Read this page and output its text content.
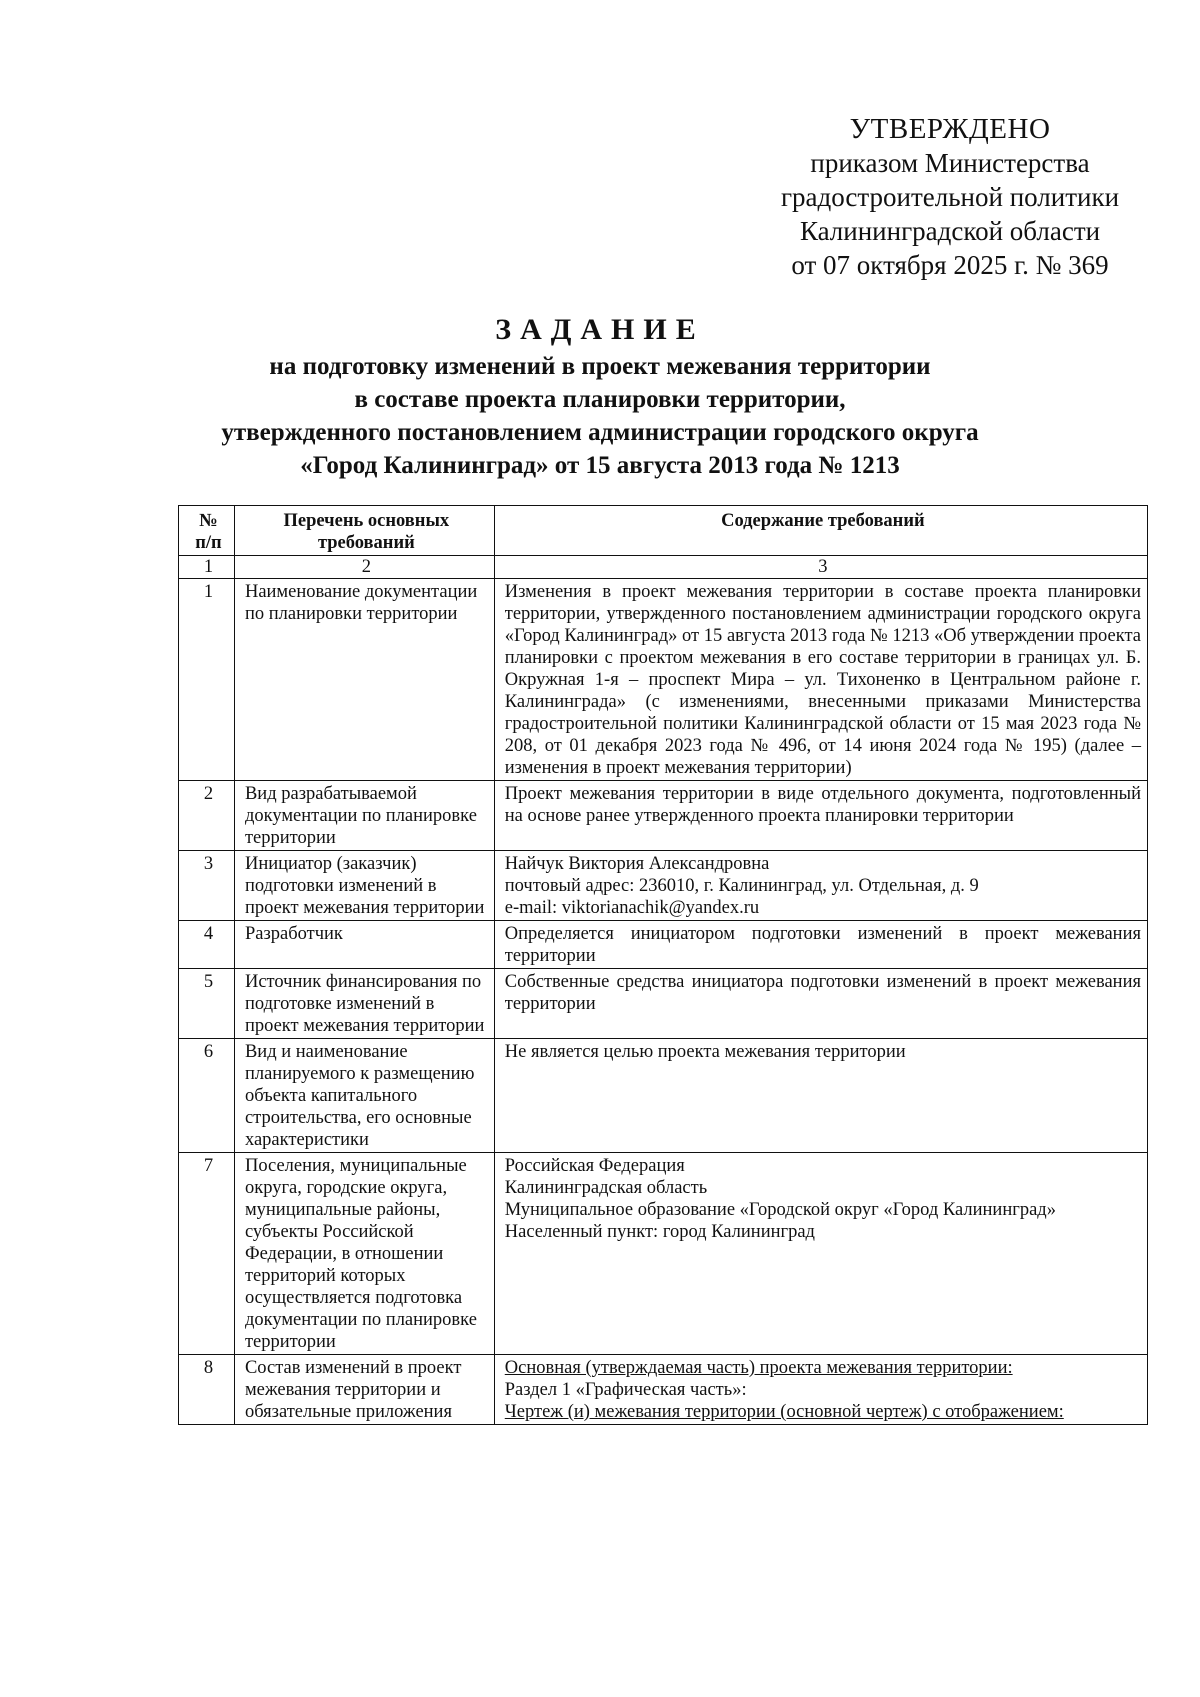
УТВЕРЖДЕНО
приказом Министерства
градостроительной политики
Калининградской области
от 07 октября 2025 г. № 369
ЗАДАНИЕ
на подготовку изменений в проект межевания территории
в составе проекта планировки территории,
утвержденного постановлением администрации городского округа
«Город Калининград» от 15 августа 2013 года № 1213
№ п/п	Перечень основных требований	Содержание требований
1	2	3
1	Наименование документации по планировки территории	Изменения в проект межевания территории в составе проекта планировки территории, утвержденного постановлением администрации городского округа «Город Калининград» от 15 августа 2013 года № 1213 «Об утверждении проекта планировки с проектом межевания в его составе территории в границах ул. Б. Окружная 1-я – проспект Мира – ул. Тихоненко в Центральном районе г. Калининграда» (с изменениями, внесенными приказами Министерства градостроительной политики Калининградской области от 15 мая 2023 года № 208, от 01 декабря 2023 года № 496, от 14 июня 2024 года № 195) (далее – изменения в проект межевания территории)
2	Вид разрабатываемой документации по планировке территории	Проект межевания территории в виде отдельного документа, подготовленный на основе ранее утвержденного проекта планировки территории
3	Инициатор (заказчик) подготовки изменений в проект межевания территории	Найчук Виктория Александровна
почтовый адрес: 236010, г. Калининград, ул. Отдельная, д. 9
e-mail: viktorianachik@yandex.ru

4	Разработчик	Определяется инициатором подготовки изменений в проект межевания территории
5	Источник финансирования по подготовке изменений в проект межевания территории	Собственные средства инициатора подготовки изменений в проект межевания территории
6	Вид и наименование планируемого к размещению объекта капитального строительства, его основные характеристики	Не является целью проекта межевания территории
7	Поселения, муниципальные округа, городские округа, муниципальные районы, субъекты Российской Федерации, в отношении территорий которых осуществляется подготовка документации по планировке территории	Российская Федерация
Калининградская область
Муниципальное образование «Городской округ «Город Калининград»
Населенный пункт: город Калининград

8	Состав изменений в проект межевания территории и обязательные приложения	Основная (утверждаемая часть) проекта межевания территории:
Раздел 1 «Графическая часть»:
Чертеж (и) межевания территории (основной чертеж) с отображением:
